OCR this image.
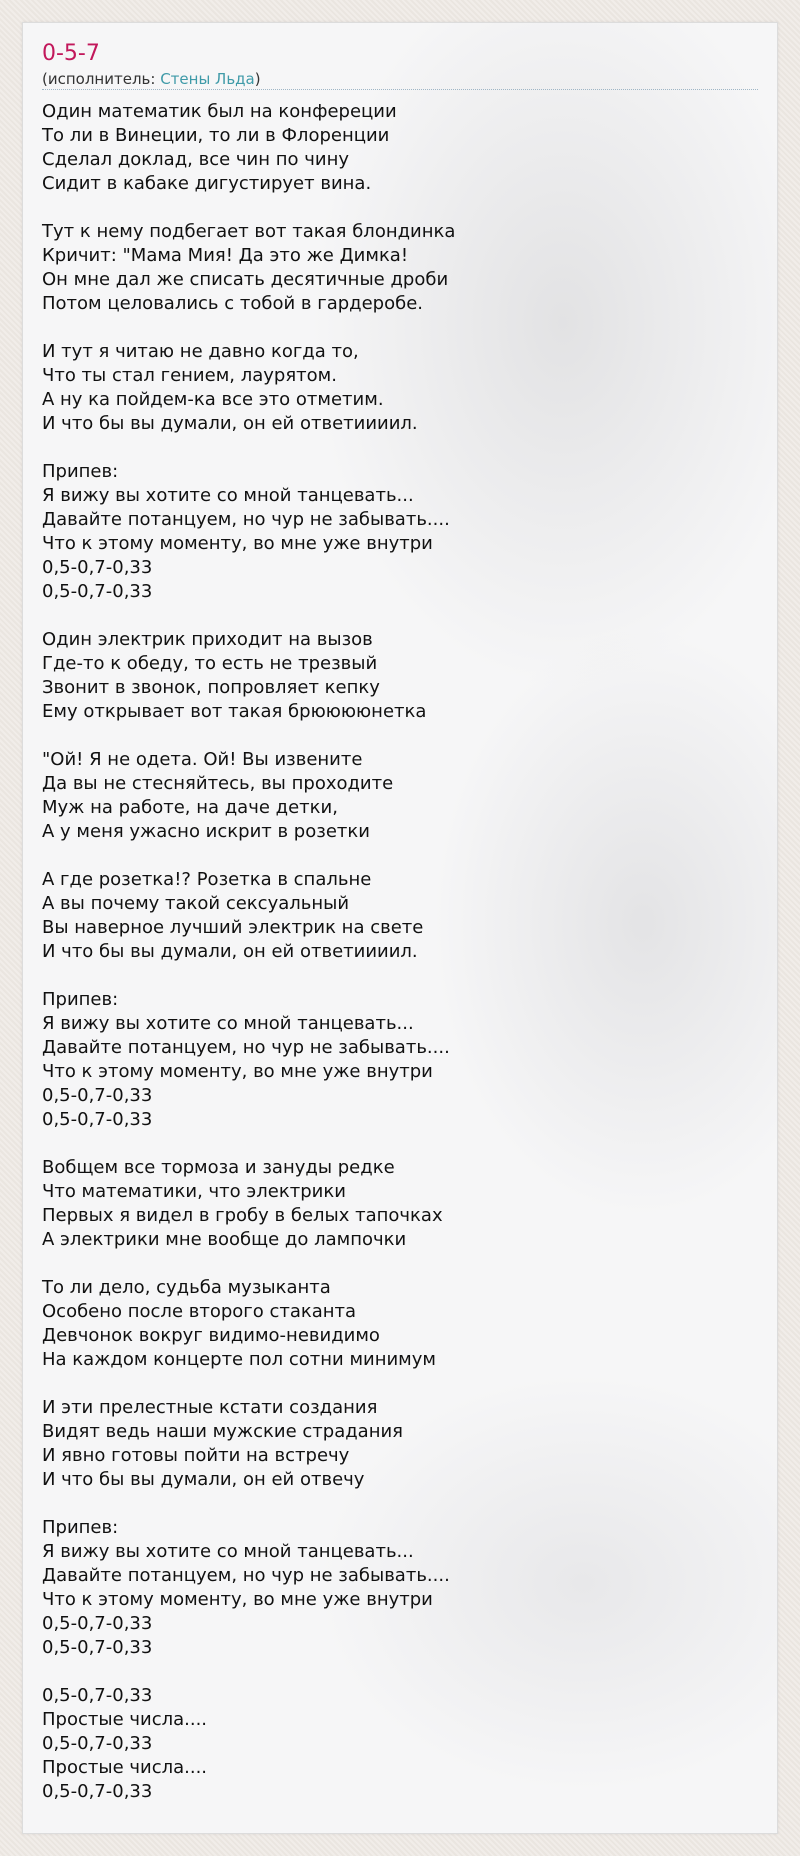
0-5-7
(исполнитель: Стены Льда)
Один математик был на конфереции
То ли в Винеции, то ли в Флоренции
Сделал доклад, все чин по чину
Сидит в кабаке дигустирует вина.
Тут к нему подбегает вот такая блондинка
Кричит: "Мама Мия! Да это же Димка!
Он мне дал же списать десятичные дроби
Потом целовались с тобой в гардеробе.
И тут я читаю не давно когда то,
Что ты стал гением, лаурятом.
А ну ка пойдем-ка все это отметим.
И что бы вы думали, он ей ответиииил.
Припев:
Я вижу вы хотите со мной танцевать...
Давайте потанцуем, но чур не забывать....
Что к этому моменту, во мне уже внутри
0,5-0,7-0,33
0,5-0,7-0,33
Один электрик приходит на вызов
Где-то к обеду, то есть не трезвый
Звонит в звонок, попровляет кепку
Ему открывает вот такая брююююнетка
"Ой! Я не одета. Ой! Вы извените
Да вы не стесняйтесь, вы проходите
Муж на работе, на даче детки,
А у меня ужасно искрит в розетки
А где розетка!? Розетка в спальне
А вы почему такой сексуальный
Вы наверное лучший электрик на свете
И что бы вы думали, он ей ответиииил.
Припев:
Я вижу вы хотите со мной танцевать...
Давайте потанцуем, но чур не забывать....
Что к этому моменту, во мне уже внутри
0,5-0,7-0,33
0,5-0,7-0,33
Вобщем все тормоза и зануды редке
Что математики, что электрики
Первых я видел в гробу в белых тапочках
А электрики мне вообще до лампочки
То ли дело, судьба музыканта
Особено после второго стаканта
Девчонок вокруг видимо-невидимо
На каждом концерте пол сотни минимум
И эти прелестные кстати создания
Видят ведь наши мужские страдания
И явно готовы пойти на встречу
И что бы вы думали, он ей отвечу
Припев:
Я вижу вы хотите со мной танцевать...
Давайте потанцуем, но чур не забывать....
Что к этому моменту, во мне уже внутри
0,5-0,7-0,33
0,5-0,7-0,33
0,5-0,7-0,33
Простые числа....
0,5-0,7-0,33
Простые числа....
0,5-0,7-0,33
